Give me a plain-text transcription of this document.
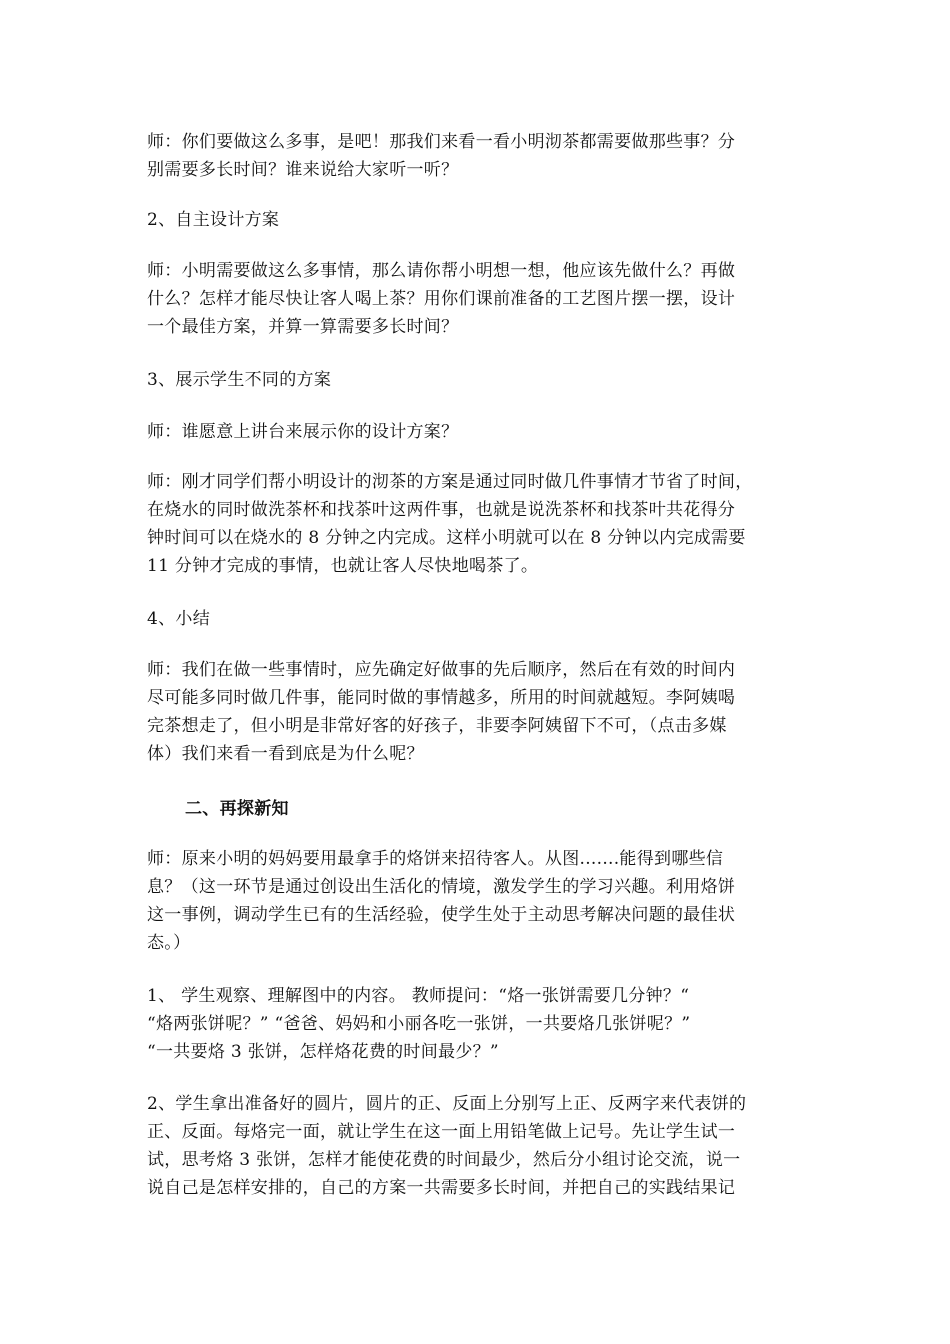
师：你们要做这么多事，是吧！那我们来看一看小明沏茶都需要做那些事？分
别需要多长时间？谁来说给大家听一听？

2、自主设计方案

师：小明需要做这么多事情，那么请你帮小明想一想，他应该先做什么？再做
什么？怎样才能尽快让客人喝上茶？用你们课前准备的工艺图片摆一摆，设计
一个最佳方案，并算一算需要多长时间？

3、展示学生不同的方案

师：谁愿意上讲台来展示你的设计方案？

师：刚才同学们帮小明设计的沏茶的方案是通过同时做几件事情才节省了时间，
在烧水的同时做洗茶杯和找茶叶这两件事，也就是说洗茶杯和找茶叶共花得分
钟时间可以在烧水的 8 分钟之内完成。这样小明就可以在 8 分钟以内完成需要
11 分钟才完成的事情，也就让客人尽快地喝茶了。

4、小结

师：我们在做一些事情时，应先确定好做事的先后顺序，然后在有效的时间内
尽可能多同时做几件事，能同时做的事情越多，所用的时间就越短。李阿姨喝
完茶想走了，但小明是非常好客的好孩子，非要李阿姨留下不可，（点击多媒
体）我们来看一看到底是为什么呢？

二、再探新知

师：原来小明的妈妈要用最拿手的烙饼来招待客人。从图.......能得到哪些信
息？（这一环节是通过创设出生活化的情境，激发学生的学习兴趣。利用烙饼
这一事例，调动学生已有的生活经验，使学生处于主动思考解决问题的最佳状
态。）

1、 学生观察、理解图中的内容。 教师提问：“烙一张饼需要几分钟？“
“烙两张饼呢？” “爸爸、妈妈和小丽各吃一张饼，一共要烙几张饼呢？”
“一共要烙 3 张饼，怎样烙花费的时间最少？”

2、学生拿出准备好的圆片，圆片的正、反面上分别写上正、反两字来代表饼的
正、反面。每烙完一面，就让学生在这一面上用铅笔做上记号。先让学生试一
试，思考烙 3 张饼，怎样才能使花费的时间最少，然后分小组讨论交流，说一
说自己是怎样安排的，自己的方案一共需要多长时间，并把自己的实践结果记
